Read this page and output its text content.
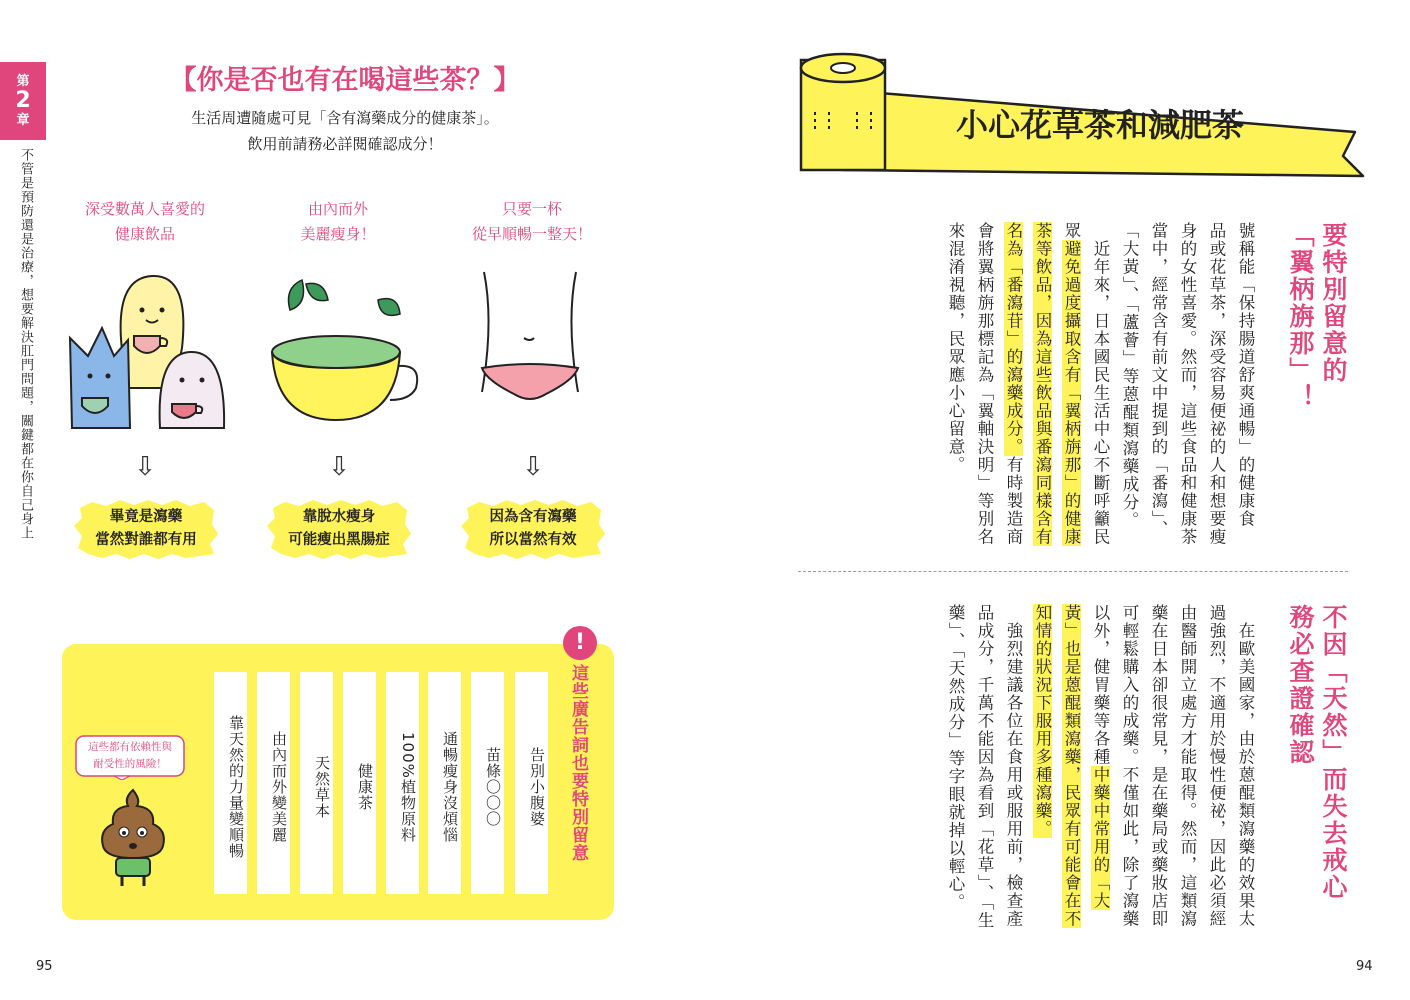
第
2
章
不管是預防還是治療，想要解決肛門問題，關鍵都在你自己身上
【你是否也有在喝這些茶？】
生活周遭隨處可見「含有瀉藥成分的健康茶」。
飲用前請務必詳閱確認成分！
深受數萬人喜愛的
健康飲品
由內而外
美麗瘦身！
只要一杯
從早順暢一整天！
⇩	⇩	⇩
畢竟是瀉藥
當然對誰都有用
靠脫水瘦身
可能瘦出黑腸症
因為含有瀉藥
所以當然有效
!
這些廣告詞也要特別留意
告別小腹婆
苗條〇〇〇
通暢瘦身沒煩惱
100%植物原料
健康茶
天然草本
由內而外變美麗
靠天然的力量變順暢
這些都有依賴性與
耐受性的風險！
95
小心花草茶和減肥茶
要特別留意的
「翼柄旃那」！
號稱能「保持腸道舒爽通暢」的健康食
品或花草茶，深受容易便祕的人和想要瘦
身的女性喜愛。然而，這些食品和健康茶
當中，經常含有前文中提到的「番瀉」、
「大黃」、「蘆薈」等蒽醌類瀉藥成分。
　近年來，日本國民生活中心不斷呼籲民
眾避免過度攝取含有「翼柄旃那」的健康
茶等飲品，因為這些飲品與番瀉同樣含有
名為「番瀉苷」的瀉藥成分。有時製造商
會將翼柄旃那標記為「翼軸決明」等別名
來混淆視聽，民眾應小心留意。
不因「天然」而失去戒心
務必查證確認
　在歐美國家，由於蒽醌類瀉藥的效果太
過強烈，不適用於慢性便祕，因此必須經
由醫師開立處方才能取得。然而，這類瀉
藥在日本卻很常見，是在藥局或藥妝店即
可輕鬆購入的成藥。不僅如此，除了瀉藥
以外，健胃藥等各種中藥中常用的「大
黃」也是蒽醌類瀉藥，民眾有可能會在不
知情的狀況下服用多種瀉藥。
　強烈建議各位在食用或服用前，檢查產
品成分，千萬不能因為看到「花草」、「生
藥」、「天然成分」等字眼就掉以輕心。
94
